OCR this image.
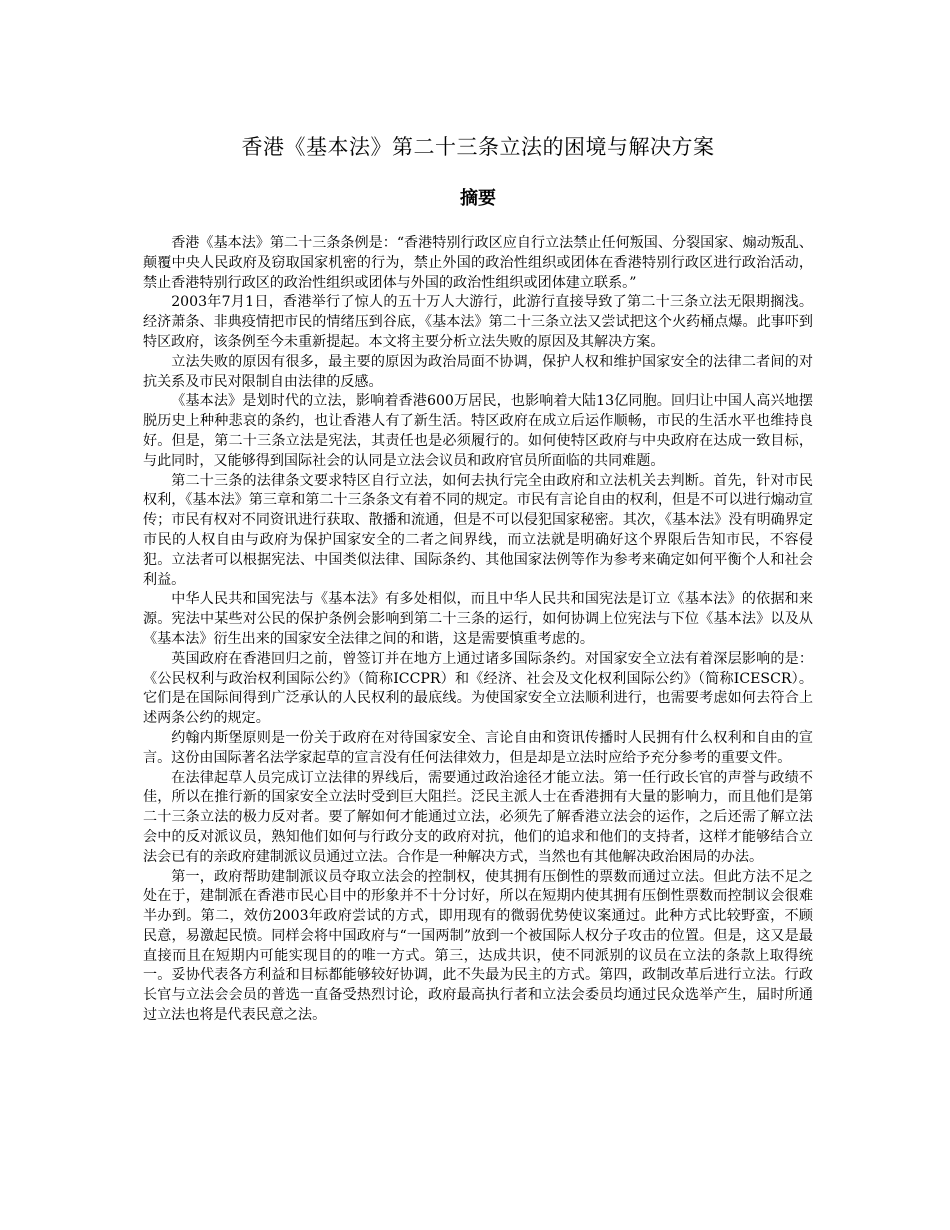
香港《基本法》第二十三条立法的困境与解决方案
摘要

香港《基本法》第二十三条条例是：“香港特别行政区应自行立法禁止任何叛国、分裂国家、煽动叛乱、颠覆中央人民政府及窃取国家机密的行为，禁止外国的政治性组织或团体在香港特别行政区进行政治活动，禁止香港特别行政区的政治性组织或团体与外国的政治性组织或团体建立联系。”

2003年7月1日，香港举行了惊人的五十万人大游行，此游行直接导致了第二十三条立法无限期搁浅。经济萧条、非典疫情把市民的情绪压到谷底，《基本法》第二十三条立法又尝试把这个火药桶点爆。此事吓到特区政府，该条例至今未重新提起。本文将主要分析立法失败的原因及其解决方案。

立法失败的原因有很多，最主要的原因为政治局面不协调，保护人权和维护国家安全的法律二者间的对抗关系及市民对限制自由法律的反感。

《基本法》是划时代的立法，影响着香港600万居民，也影响着大陆13亿同胞。回归让中国人高兴地摆脱历史上种种悲哀的条约，也让香港人有了新生活。特区政府在成立后运作顺畅，市民的生活水平也维持良好。但是，第二十三条立法是宪法，其责任也是必须履行的。如何使特区政府与中央政府在达成一致目标，与此同时，又能够得到国际社会的认同是立法会议员和政府官员所面临的共同难题。

第二十三条的法律条文要求特区自行立法，如何去执行完全由政府和立法机关去判断。首先，针对市民权利，《基本法》第三章和第二十三条条文有着不同的规定。市民有言论自由的权利，但是不可以进行煽动宣传；市民有权对不同资讯进行获取、散播和流通，但是不可以侵犯国家秘密。其次，《基本法》没有明确界定市民的人权自由与政府为保护国家安全的二者之间界线，而立法就是明确好这个界限后告知市民，不容侵犯。立法者可以根据宪法、中国类似法律、国际条约、其他国家法例等作为参考来确定如何平衡个人和社会利益。

中华人民共和国宪法与《基本法》有多处相似，而且中华人民共和国宪法是订立《基本法》的依据和来源。宪法中某些对公民的保护条例会影响到第二十三条的运行，如何协调上位宪法与下位《基本法》以及从《基本法》衍生出来的国家安全法律之间的和谐，这是需要慎重考虑的。

英国政府在香港回归之前，曾签订并在地方上通过诸多国际条约。对国家安全立法有着深层影响的是：《公民权利与政治权利国际公约》（简称ICCPR）和《经济、社会及文化权利国际公约》（简称ICESCR）。它们是在国际间得到广泛承认的人民权利的最底线。为使国家安全立法顺利进行，也需要考虑如何去符合上述两条公约的规定。

约翰内斯堡原则是一份关于政府在对待国家安全、言论自由和资讯传播时人民拥有什么权利和自由的宣言。这份由国际著名法学家起草的宣言没有任何法律效力，但是却是立法时应给予充分参考的重要文件。

在法律起草人员完成订立法律的界线后，需要通过政治途径才能立法。第一任行政长官的声誉与政绩不佳，所以在推行新的国家安全立法时受到巨大阻拦。泛民主派人士在香港拥有大量的影响力，而且他们是第二十三条立法的极力反对者。要了解如何才能通过立法，必须先了解香港立法会的运作，之后还需了解立法会中的反对派议员，熟知他们如何与行政分支的政府对抗，他们的追求和他们的支持者，这样才能够结合立法会已有的亲政府建制派议员通过立法。合作是一种解决方式，当然也有其他解决政治困局的办法。

第一，政府帮助建制派议员夺取立法会的控制权，使其拥有压倒性的票数而通过立法。但此方法不足之处在于，建制派在香港市民心目中的形象并不十分讨好，所以在短期内使其拥有压倒性票数而控制议会很难半办到。第二，效仿2003年政府尝试的方式，即用现有的微弱优势使议案通过。此种方式比较野蛮，不顾民意，易激起民愤。同样会将中国政府与“一国两制”放到一个被国际人权分子攻击的位置。但是，这又是最直接而且在短期内可能实现目的的唯一方式。第三，达成共识，使不同派别的议员在立法的条款上取得统一。妥协代表各方利益和目标都能够较好协调，此不失最为民主的方式。第四，政制改革后进行立法。行政长官与立法会会员的普选一直备受热烈讨论，政府最高执行者和立法会委员均通过民众选举产生，届时所通过立法也将是代表民意之法。
